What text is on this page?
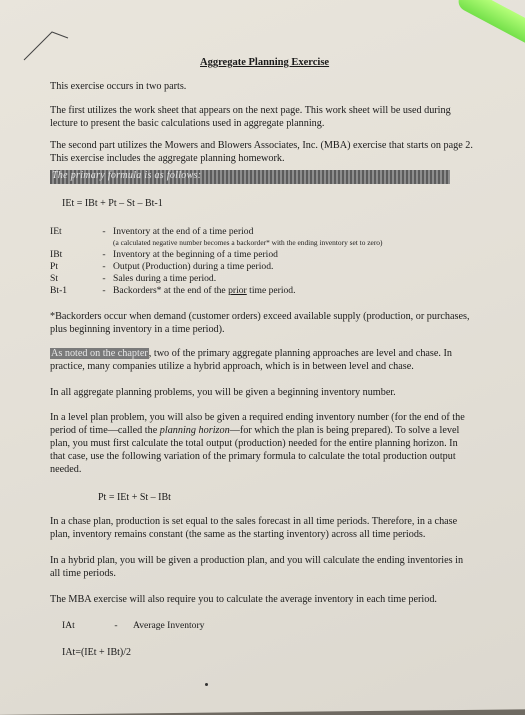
Aggregate Planning Exercise
This exercise occurs in two parts.
The first utilizes the work sheet that appears on the next page. This work sheet will be used during lecture to present the basic calculations used in aggregate planning.
The second part utilizes the Mowers and Blowers Associates, Inc. (MBA) exercise that starts on page 2. This exercise includes the aggregate planning homework.
The primary formula is as follows:
IEt = IBt + Pt – St – Bt-1
IEt	- Inventory at the end of a time period
(a calculated negative number becomes a backorder* with the ending inventory set to zero)
IBt	- Inventory at the beginning of a time period
Pt	- Output (Production) during a time period.
St	- Sales during a time period.
Bt-1	- Backorders* at the end of the prior time period.
*Backorders occur when demand (customer orders) exceed available supply (production, or purchases, plus beginning inventory in a time period).
As noted on the chapter, two of the primary aggregate planning approaches are level and chase. In practice, many companies utilize a hybrid approach, which is in between level and chase.
In all aggregate planning problems, you will be given a beginning inventory number.
In a level plan problem, you will also be given a required ending inventory number (for the end of the period of time—called the planning horizon—for which the plan is being prepared). To solve a level plan, you must first calculate the total output (production) needed for the entire planning horizon. In that case, use the following variation of the primary formula to calculate the total production output needed.
Pt = IEt + St – IBt
In a chase plan, production is set equal to the sales forecast in all time periods. Therefore, in a chase plan, inventory remains constant (the same as the starting inventory) across all time periods.
In a hybrid plan, you will be given a production plan, and you will calculate the ending inventories in all time periods.
The MBA exercise will also require you to calculate the average inventory in each time period.
IAt	- Average Inventory
IAt=(IEt + IBt)/2
